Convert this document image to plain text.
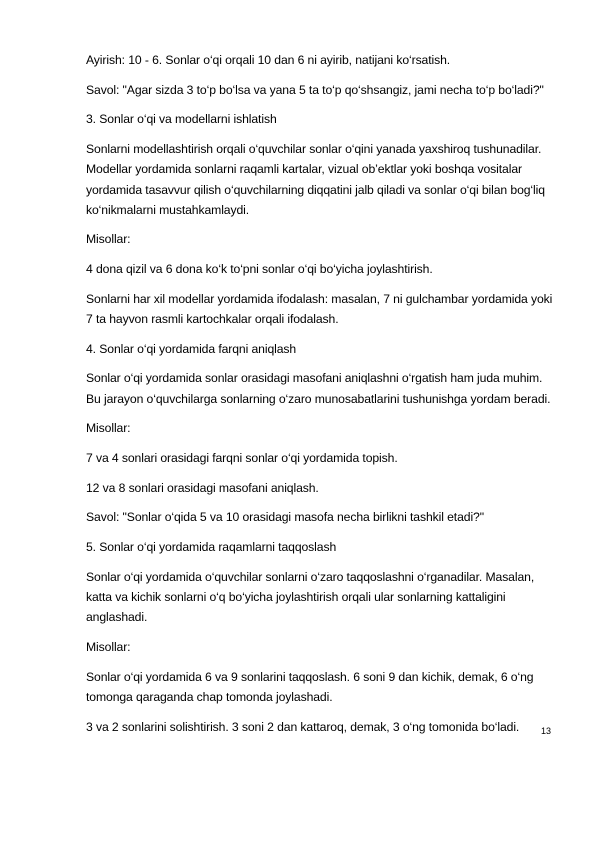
Ayirish: 10 - 6. Sonlar o‘qi orqali 10 dan 6 ni ayirib, natijani ko‘rsatish.

Savol: "Agar sizda 3 to‘p bo‘lsa va yana 5 ta to‘p qo‘shsangiz, jami necha to‘p bo‘ladi?"

3. Sonlar o‘qi va modellarni ishlatish

Sonlarni modellashtirish orqali o‘quvchilar sonlar o‘qini yanada yaxshiroq tushunadilar. Modellar yordamida sonlarni raqamli kartalar, vizual ob’ektlar yoki boshqa vositalar yordamida tasavvur qilish o‘quvchilarning diqqatini jalb qiladi va sonlar o‘qi bilan bog‘liq ko‘nikmalarni mustahkamlaydi.

Misollar:

4 dona qizil va 6 dona ko‘k to‘pni sonlar o‘qi bo‘yicha joylashtirish.

Sonlarni har xil modellar yordamida ifodalash: masalan, 7 ni gulchambar yordamida yoki 7 ta hayvon rasmli kartochkalar orqali ifodalash.

4. Sonlar o‘qi yordamida farqni aniqlash

Sonlar o‘qi yordamida sonlar orasidagi masofani aniqlashni o‘rgatish ham juda muhim. Bu jarayon o‘quvchilarga sonlarning o‘zaro munosabatlarini tushunishga yordam beradi.

Misollar:

7 va 4 sonlari orasidagi farqni sonlar o‘qi yordamida topish.

12 va 8 sonlari orasidagi masofani aniqlash.

Savol: "Sonlar o‘qida 5 va 10 orasidagi masofa necha birlikni tashkil etadi?"

5. Sonlar o‘qi yordamida raqamlarni taqqoslash

Sonlar o‘qi yordamida o‘quvchilar sonlarni o‘zaro taqqoslashni o‘rganadilar. Masalan, katta va kichik sonlarni o‘q bo‘yicha joylashtirish orqali ular sonlarning kattaligini anglashadi.

Misollar:

Sonlar o‘qi yordamida 6 va 9 sonlarini taqqoslash. 6 soni 9 dan kichik, demak, 6 o‘ng tomonga qaraganda chap tomonda joylashadi.

3 va 2 sonlarini solishtirish. 3 soni 2 dan kattaroq, demak, 3 o‘ng tomonida bo‘ladi.	13
